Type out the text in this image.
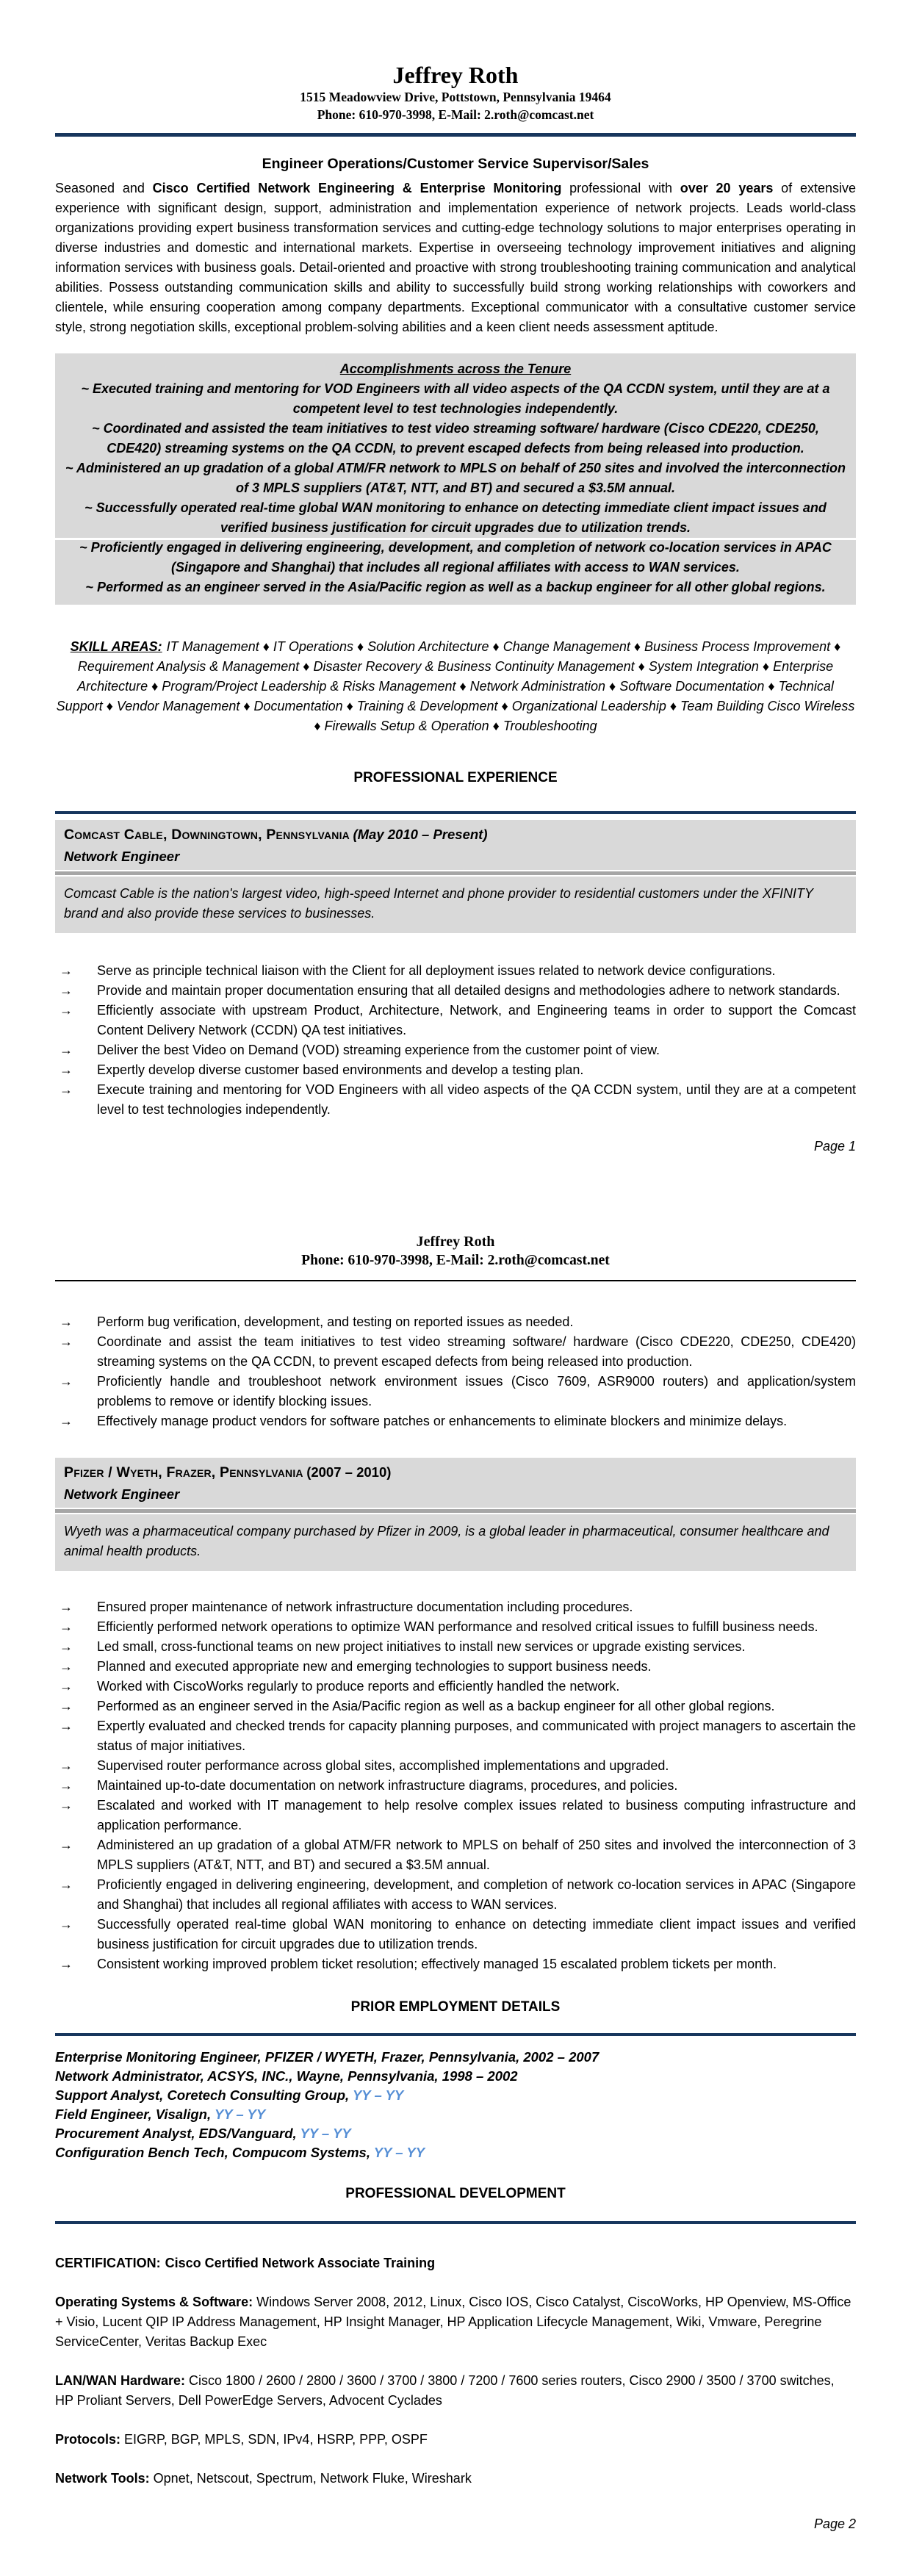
Jeffrey Roth
1515 Meadowview Drive, Pottstown, Pennsylvania 19464
Phone: 610-970-3998, E-Mail: 2.roth@comcast.net
Engineer Operations/Customer Service Supervisor/Sales

Seasoned and Cisco Certified Network Engineering & Enterprise Monitoring professional with over 20 years of extensive experience with significant design, support, administration and implementation experience of network projects. Leads world-class organizations providing expert business transformation services and cutting-edge technology solutions to major enterprises operating in diverse industries and domestic and international markets. Expertise in overseeing technology improvement initiatives and aligning information services with business goals. Detail-oriented and proactive with strong troubleshooting training communication and analytical abilities. Possess outstanding communication skills and ability to successfully build strong working relationships with coworkers and clientele, while ensuring cooperation among company departments. Exceptional communicator with a consultative customer service style, strong negotiation skills, exceptional problem-solving abilities and a keen client needs assessment aptitude.

Accomplishments across the Tenure
~ Executed training and mentoring for VOD Engineers with all video aspects of the QA CCDN system, until they are at a competent level to test technologies independently.
~ Coordinated and assisted the team initiatives to test video streaming software/ hardware (Cisco CDE220, CDE250, CDE420) streaming systems on the QA CCDN, to prevent escaped defects from being released into production.
~ Administered an up gradation of a global ATM/FR network to MPLS on behalf of 250 sites and involved the interconnection of 3 MPLS suppliers (AT&T, NTT, and BT) and secured a $3.5M annual.
~ Successfully operated real-time global WAN monitoring to enhance on detecting immediate client impact issues and verified business justification for circuit upgrades due to utilization trends.
~ Proficiently engaged in delivering engineering, development, and completion of network co-location services in APAC (Singapore and Shanghai) that includes all regional affiliates with access to WAN services.
~ Performed as an engineer served in the Asia/Pacific region as well as a backup engineer for all other global regions.

SKILL AREAS: IT Management ♦ IT Operations ♦ Solution Architecture ♦ Change Management ♦ Business Process Improvement ♦ Requirement Analysis & Management ♦ Disaster Recovery & Business Continuity Management ♦ System Integration ♦ Enterprise Architecture ♦ Program/Project Leadership & Risks Management ♦ Network Administration ♦ Software Documentation ♦ Technical Support ♦ Vendor Management ♦ Documentation ♦ Training & Development ♦ Organizational Leadership ♦ Team Building Cisco Wireless ♦ Firewalls Setup & Operation ♦ Troubleshooting

PROFESSIONAL EXPERIENCE
Comcast Cable, Downingtown, Pennsylvania (May 2010 – Present)
Network Engineer
Comcast Cable is the nation's largest video, high-speed Internet and phone provider to residential customers under the XFINITY brand and also provide these services to businesses.
→ Serve as principle technical liaison with the Client for all deployment issues related to network device configurations.
→ Provide and maintain proper documentation ensuring that all detailed designs and methodologies adhere to network standards.
→ Efficiently associate with upstream Product, Architecture, Network, and Engineering teams in order to support the Comcast Content Delivery Network (CCDN) QA test initiatives.
→ Deliver the best Video on Demand (VOD) streaming experience from the customer point of view.
→ Expertly develop diverse customer based environments and develop a testing plan.
→ Execute training and mentoring for VOD Engineers with all video aspects of the QA CCDN system, until they are at a competent level to test technologies independently.
Page 1
Jeffrey Roth
Phone: 610-970-3998, E-Mail: 2.roth@comcast.net
→ Perform bug verification, development, and testing on reported issues as needed.
→ Coordinate and assist the team initiatives to test video streaming software/ hardware (Cisco CDE220, CDE250, CDE420) streaming systems on the QA CCDN, to prevent escaped defects from being released into production.
→ Proficiently handle and troubleshoot network environment issues (Cisco 7609, ASR9000 routers) and application/system problems to remove or identify blocking issues.
→ Effectively manage product vendors for software patches or enhancements to eliminate blockers and minimize delays.
Pfizer / Wyeth, Frazer, Pennsylvania (2007 – 2010)
Network Engineer
Wyeth was a pharmaceutical company purchased by Pfizer in 2009, is a global leader in pharmaceutical, consumer healthcare and animal health products.
→ Ensured proper maintenance of network infrastructure documentation including procedures.
→ Efficiently performed network operations to optimize WAN performance and resolved critical issues to fulfill business needs.
→ Led small, cross-functional teams on new project initiatives to install new services or upgrade existing services.
→ Planned and executed appropriate new and emerging technologies to support business needs.
→ Worked with CiscoWorks regularly to produce reports and efficiently handled the network.
→ Performed as an engineer served in the Asia/Pacific region as well as a backup engineer for all other global regions.
→ Expertly evaluated and checked trends for capacity planning purposes, and communicated with project managers to ascertain the status of major initiatives.
→ Supervised router performance across global sites, accomplished implementations and upgraded.
→ Maintained up-to-date documentation on network infrastructure diagrams, procedures, and policies.
→ Escalated and worked with IT management to help resolve complex issues related to business computing infrastructure and application performance.
→ Administered an up gradation of a global ATM/FR network to MPLS on behalf of 250 sites and involved the interconnection of 3 MPLS suppliers (AT&T, NTT, and BT) and secured a $3.5M annual.
→ Proficiently engaged in delivering engineering, development, and completion of network co-location services in APAC (Singapore and Shanghai) that includes all regional affiliates with access to WAN services.
→ Successfully operated real-time global WAN monitoring to enhance on detecting immediate client impact issues and verified business justification for circuit upgrades due to utilization trends.
→ Consistent working improved problem ticket resolution; effectively managed 15 escalated problem tickets per month.
PRIOR EMPLOYMENT DETAILS
Enterprise Monitoring Engineer, PFIZER / WYETH, Frazer, Pennsylvania, 2002 – 2007
Network Administrator, ACSYS, INC., Wayne, Pennsylvania, 1998 – 2002
Support Analyst, Coretech Consulting Group, YY – YY
Field Engineer, Visalign, YY – YY
Procurement Analyst, EDS/Vanguard, YY – YY
Configuration Bench Tech, Compucom Systems, YY – YY
PROFESSIONAL DEVELOPMENT

CERTIFICATION: Cisco Certified Network Associate Training

Operating Systems & Software: Windows Server 2008, 2012, Linux, Cisco IOS, Cisco Catalyst, CiscoWorks, HP Openview, MS-Office + Visio, Lucent QIP IP Address Management, HP Insight Manager, HP Application Lifecycle Management, Wiki, Vmware, Peregrine ServiceCenter, Veritas Backup Exec

LAN/WAN Hardware: Cisco 1800 / 2600 / 2800 / 3600 / 3700 / 3800 / 7200 / 7600 series routers, Cisco 2900 / 3500 / 3700 switches, HP Proliant Servers, Dell PowerEdge Servers, Advocent Cyclades

Protocols: EIGRP, BGP, MPLS, SDN, IPv4, HSRP, PPP, OSPF

Network Tools: Opnet, Netscout, Spectrum, Network Fluke, Wireshark

Page 2
